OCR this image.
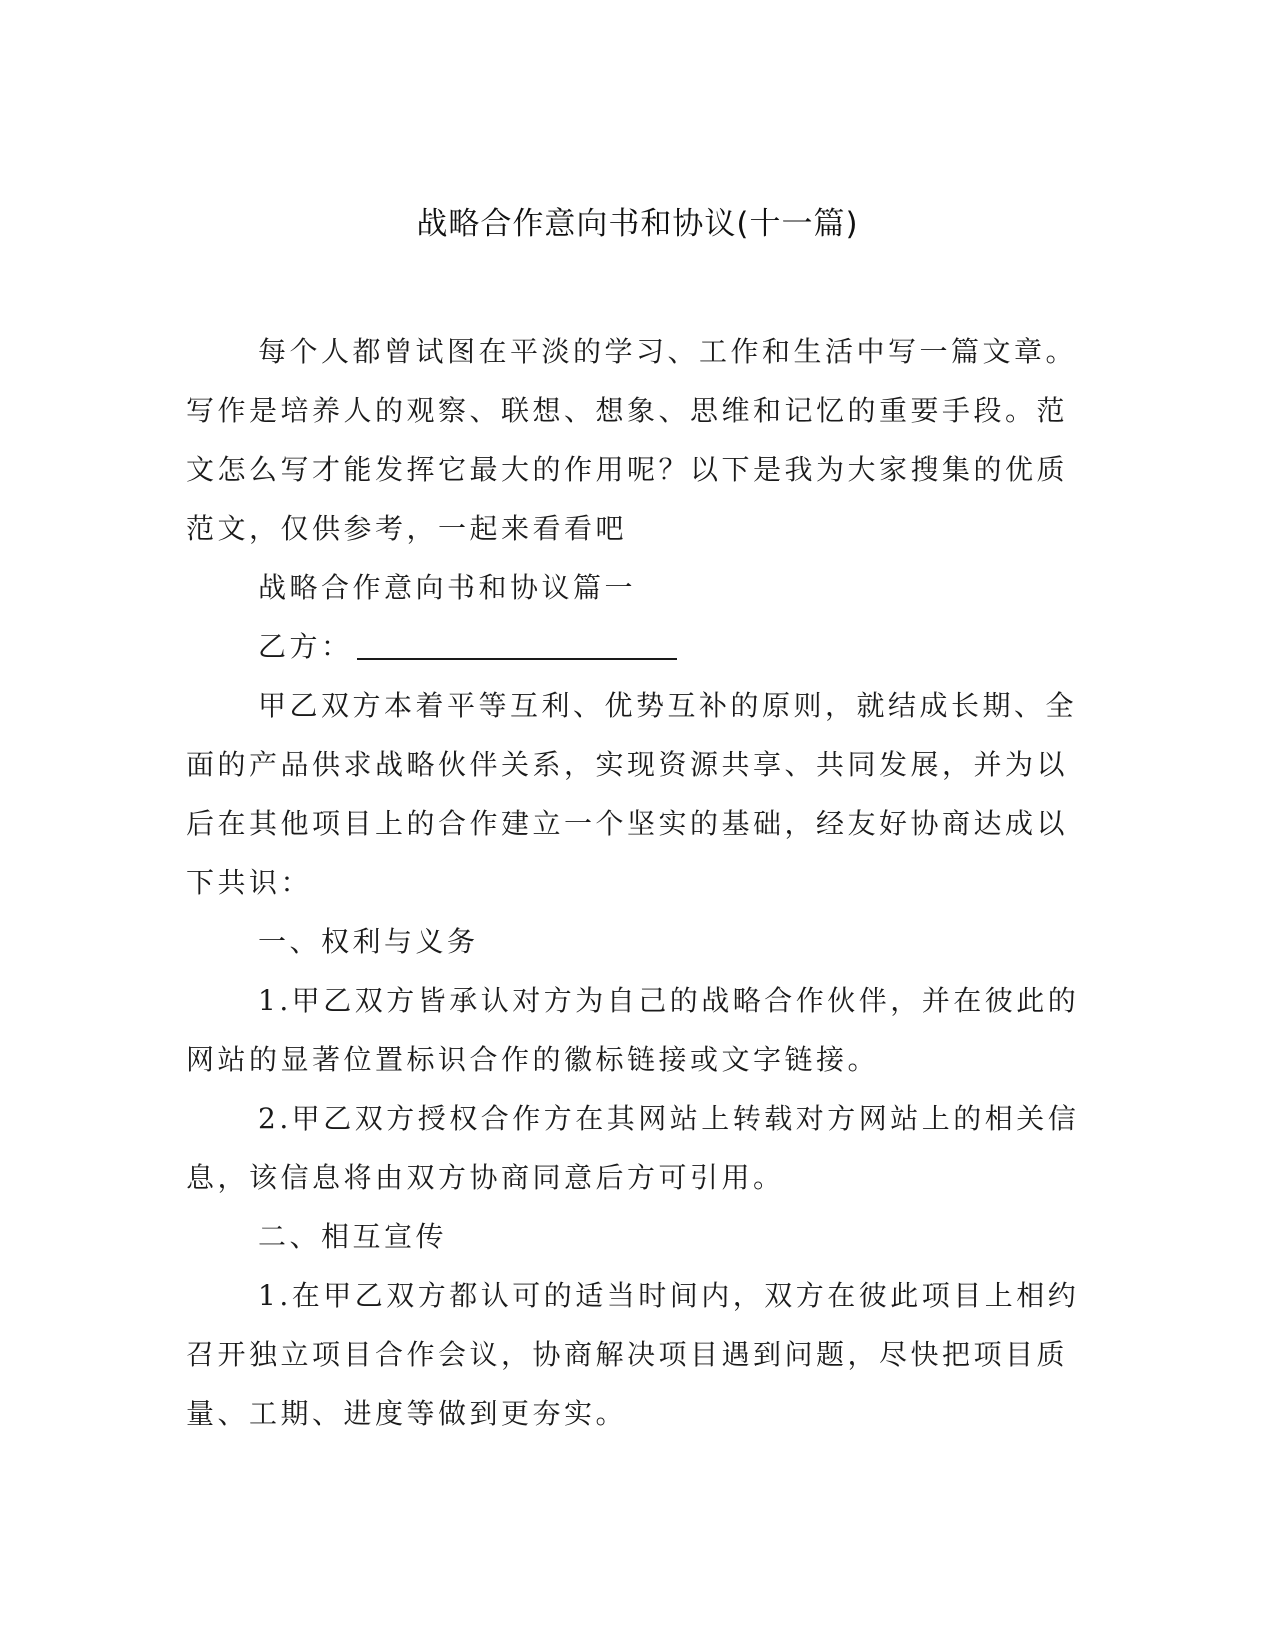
战略合作意向书和协议(十一篇)

每个人都曾试图在平淡的学习、工作和生活中写一篇文章。写作是培养人的观察、联想、想象、思维和记忆的重要手段。范文怎么写才能发挥它最大的作用呢？以下是我为大家搜集的优质范文，仅供参考，一起来看看吧

战略合作意向书和协议篇一

乙方：

甲乙双方本着平等互利、优势互补的原则，就结成长期、全面的产品供求战略伙伴关系，实现资源共享、共同发展，并为以后在其他项目上的合作建立一个坚实的基础，经友好协商达成以下共识：

一、权利与义务

1.甲乙双方皆承认对方为自己的战略合作伙伴，并在彼此的网站的显著位置标识合作的徽标链接或文字链接。

2.甲乙双方授权合作方在其网站上转载对方网站上的相关信息，该信息将由双方协商同意后方可引用。

二、相互宣传

1.在甲乙双方都认可的适当时间内，双方在彼此项目上相约召开独立项目合作会议，协商解决项目遇到问题，尽快把项目质量、工期、进度等做到更夯实。
